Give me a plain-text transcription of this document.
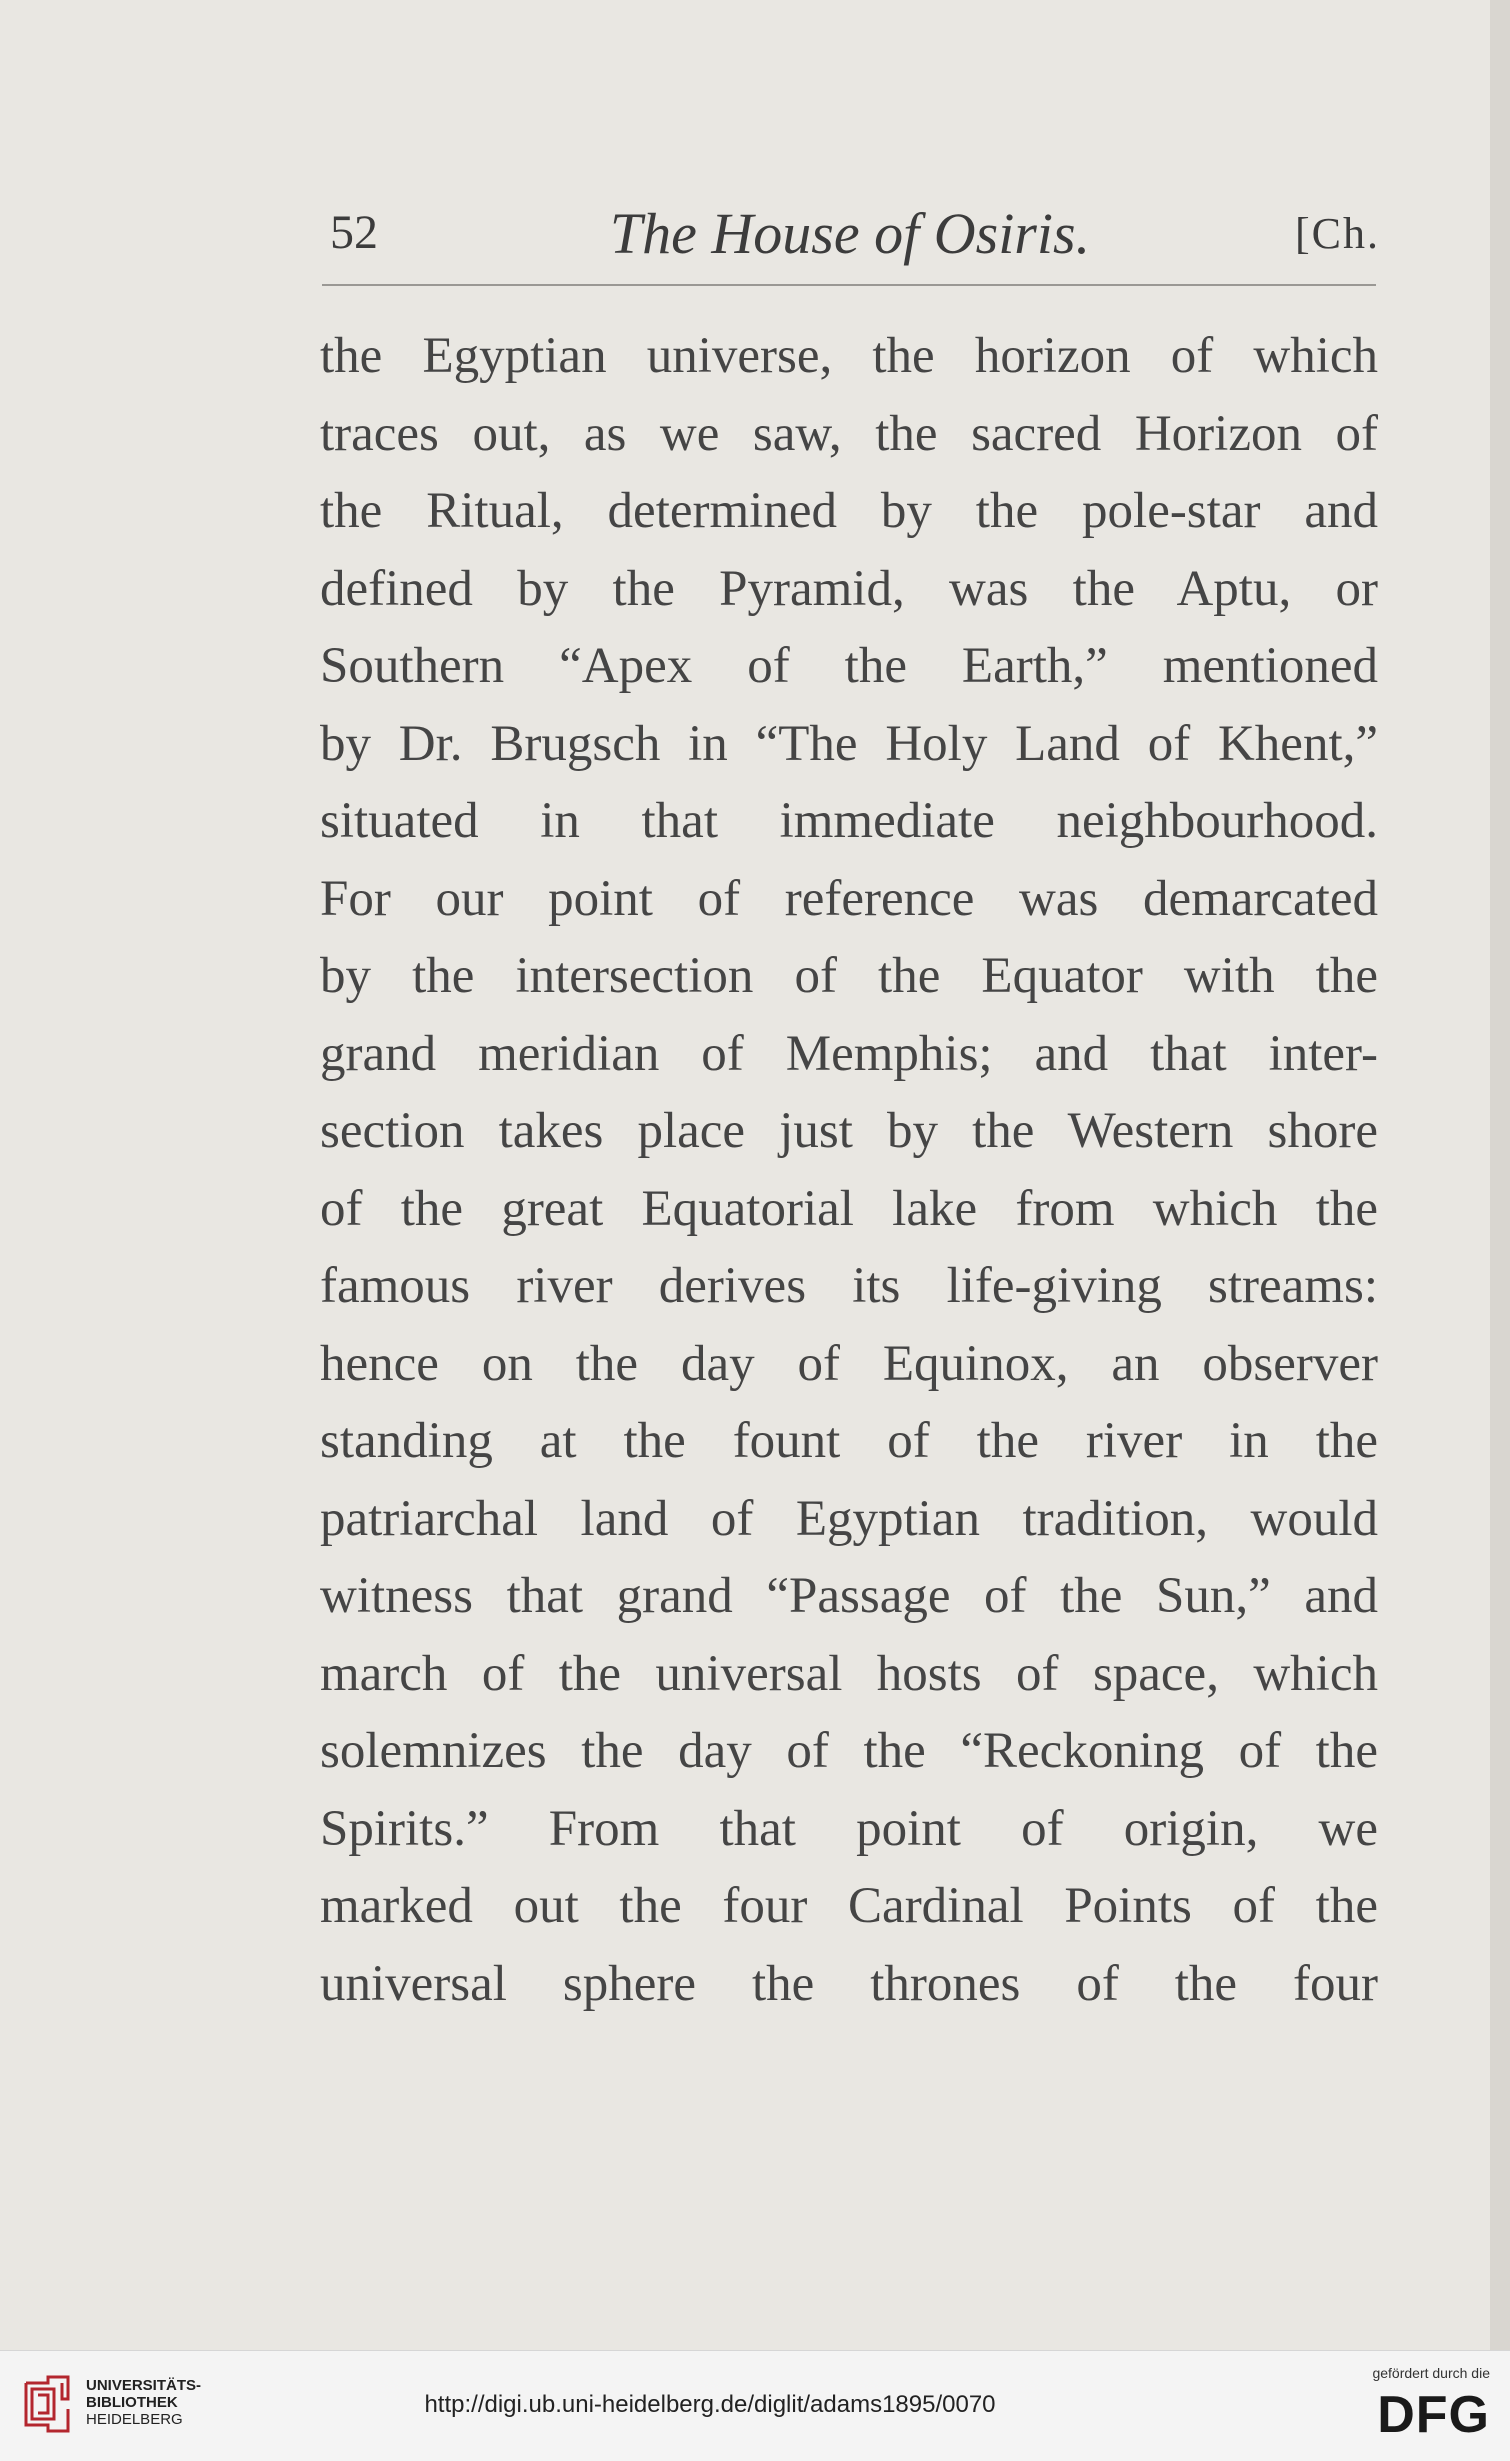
52	The House of Osiris.	[Ch.
the Egyptian universe, the horizon of which
traces out, as we saw, the sacred Horizon of
the Ritual, determined by the pole-star and
defined by the Pyramid, was the Aptu, or
Southern “Apex of the Earth,” mentioned
by Dr. Brugsch in “The Holy Land of Khent,”
situated in that immediate neighbourhood.
For our point of reference was demarcated
by the intersection of the Equator with the
grand meridian of Memphis; and that inter-
section takes place just by the Western shore
of the great Equatorial lake from which the
famous river derives its life-giving streams:
hence on the day of Equinox, an observer
standing at the fount of the river in the
patriarchal land of Egyptian tradition, would
witness that grand “Passage of the Sun,” and
march of the universal hosts of space, which
solemnizes the day of the “Reckoning of the
Spirits.” From that point of origin, we
marked out the four Cardinal Points of the
universal sphere the thrones of the four
UNIVERSITÄTS-
BIBLIOTHEK
HEIDELBERG
http://digi.ub.uni-heidelberg.de/diglit/adams1895/0070
gefördert durch die
DFG
